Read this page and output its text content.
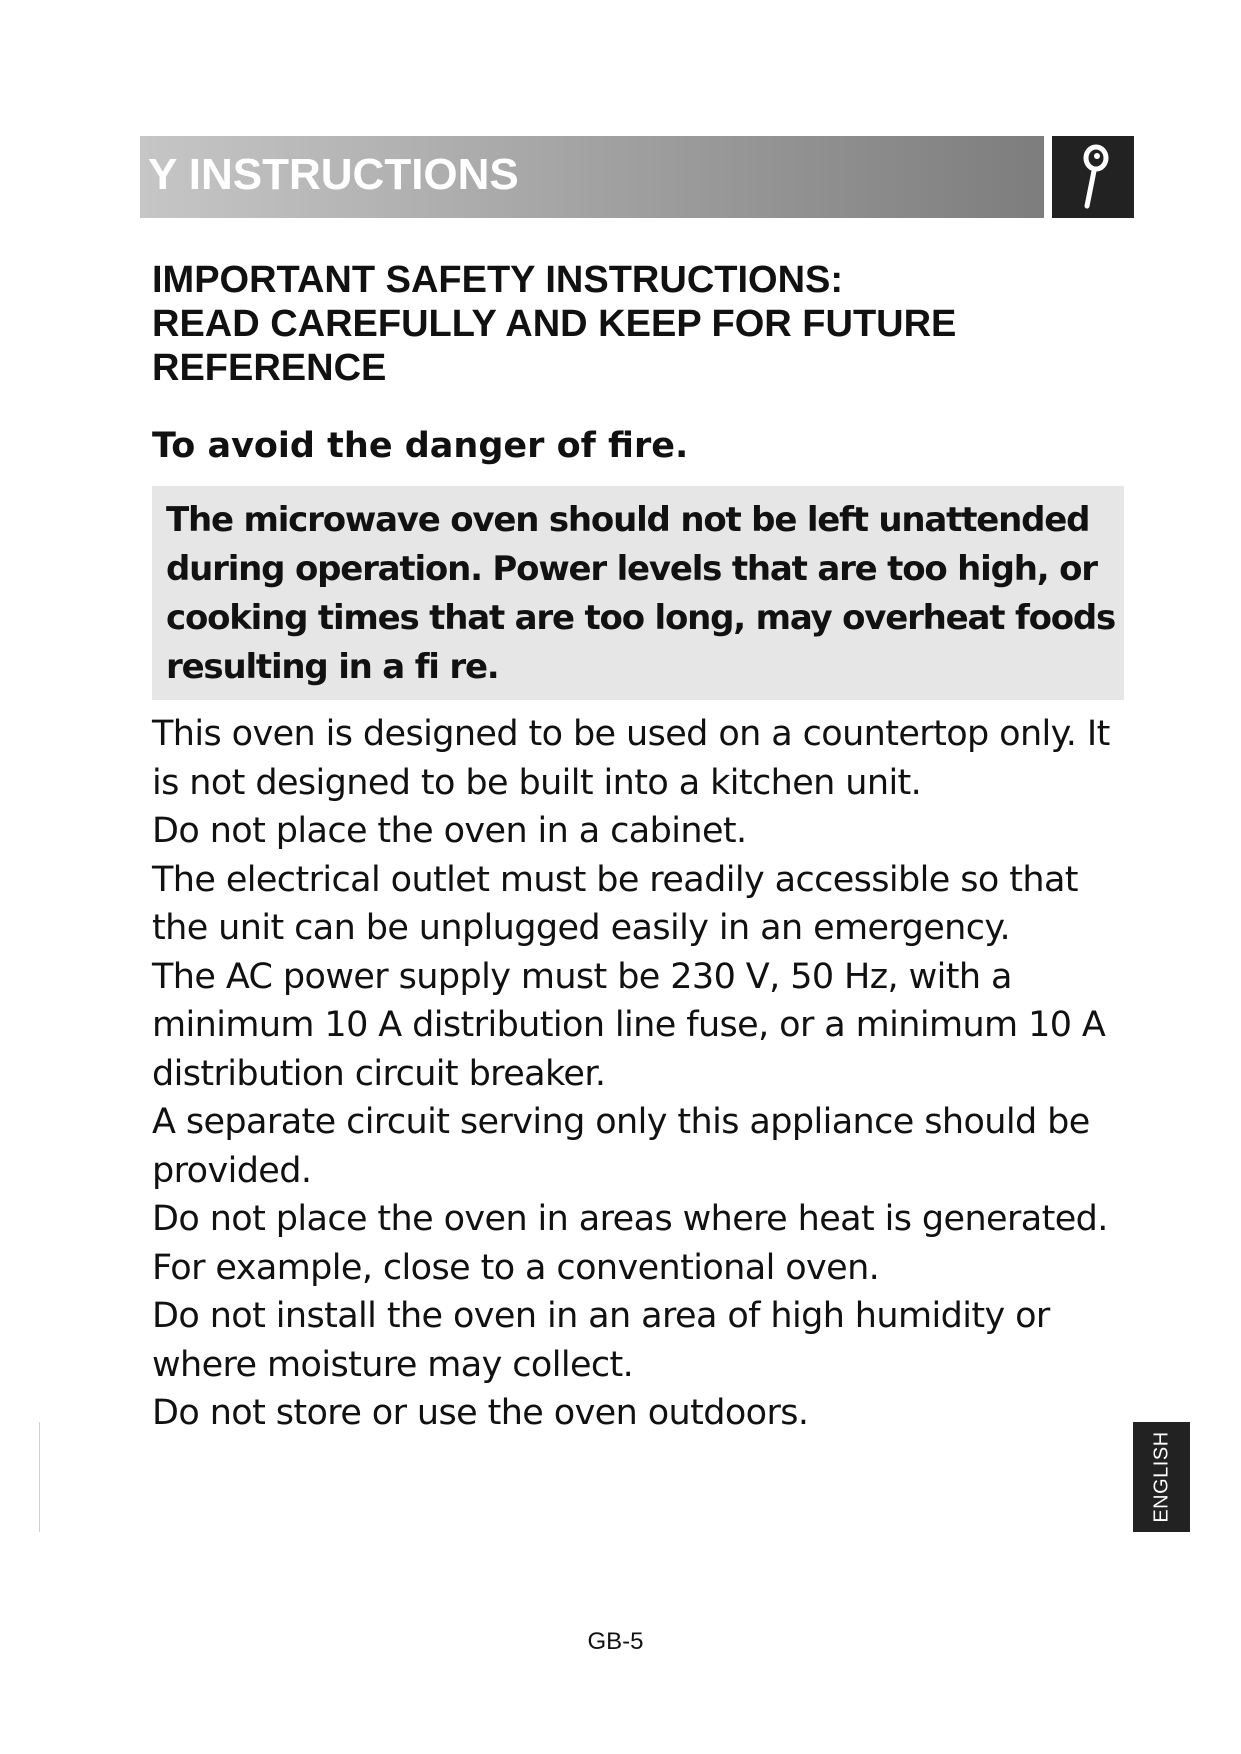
Y INSTRUCTIONS
IMPORTANT SAFETY INSTRUCTIONS:
READ CAREFULLY AND KEEP FOR FUTURE
REFERENCE
To avoid the danger of fire.
The microwave oven should not be left unattended during operation. Power levels that are too high, or cooking times that are too long, may overheat foods resulting in a fi re.

This oven is designed to be used on a countertop only. It is not designed to be built into a kitchen unit.

Do not place the oven in a cabinet.

The electrical outlet must be readily accessible so that the unit can be unplugged easily in an emergency.

The AC power supply must be 230 V, 50 Hz, with a minimum 10 A distribution line fuse, or a minimum 10 A distribution circuit breaker.

A separate circuit serving only this appliance should be provided.

Do not place the oven in areas where heat is generated. For example, close to a conventional oven.

Do not install the oven in an area of high humidity or where moisture may collect.

Do not store or use the oven outdoors.

ENGLISH
GB-5
